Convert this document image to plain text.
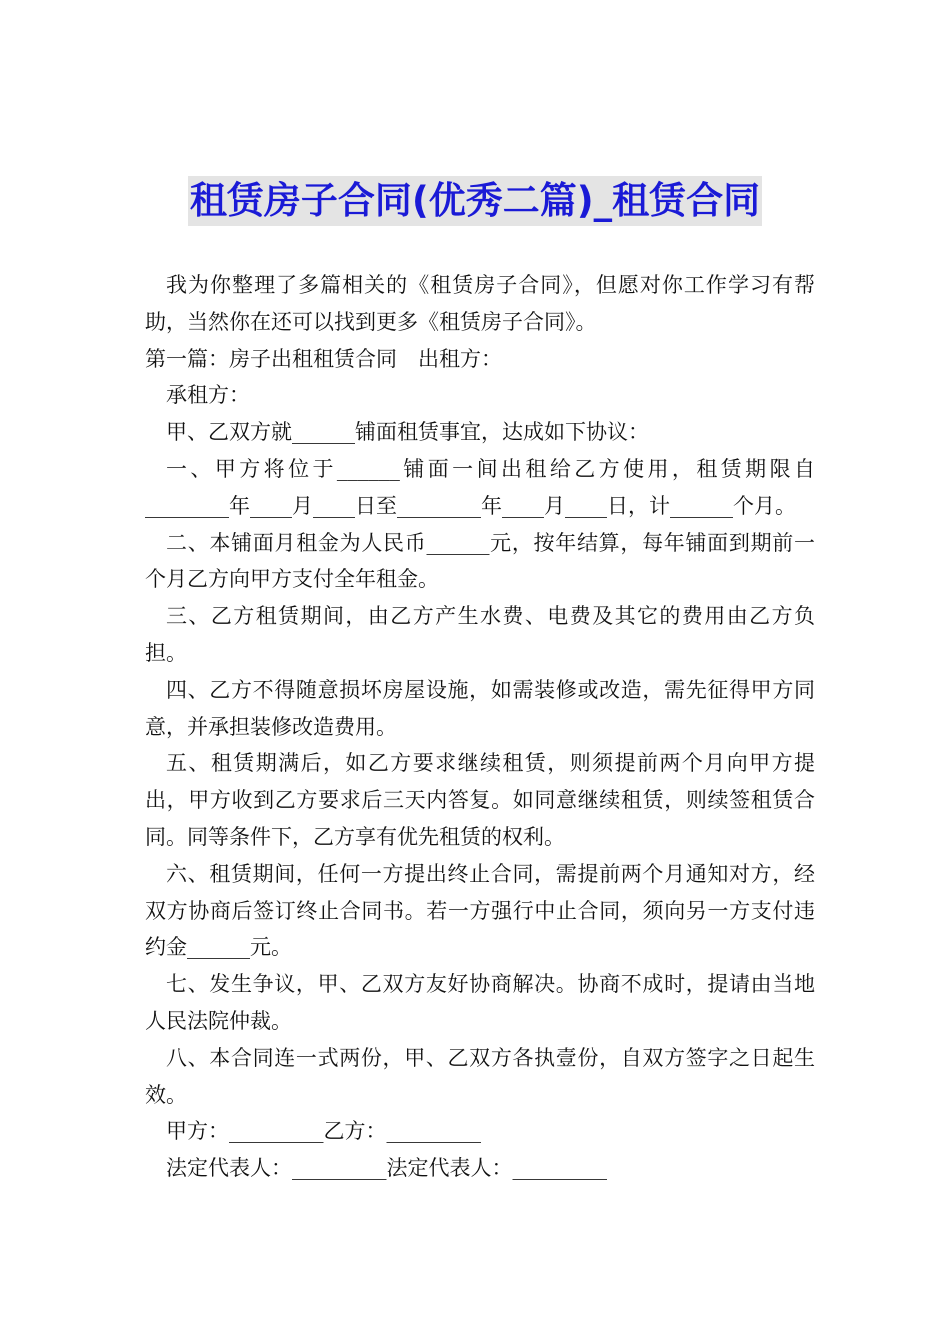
租赁房子合同(优秀二篇)_租赁合同

我为你整理了多篇相关的《租赁房子合同》，但愿对你工作学习有帮助，当然你在还可以找到更多《租赁房子合同》。

第一篇：房子出租租赁合同　出租方：

承租方：

甲、乙双方就______铺面租赁事宜，达成如下协议：

一、甲方将位于______铺面一间出租给乙方使用，租赁期限自________年____月____日至________年____月____日，计______个月。

二、本铺面月租金为人民币______元，按年结算，每年铺面到期前一个月乙方向甲方支付全年租金。

三、乙方租赁期间，由乙方产生水费、电费及其它的费用由乙方负担。

四、乙方不得随意损坏房屋设施，如需装修或改造，需先征得甲方同意，并承担装修改造费用。

五、租赁期满后，如乙方要求继续租赁，则须提前两个月向甲方提出，甲方收到乙方要求后三天内答复。如同意继续租赁，则续签租赁合同。同等条件下，乙方享有优先租赁的权利。

六、租赁期间，任何一方提出终止合同，需提前两个月通知对方，经双方协商后签订终止合同书。若一方强行中止合同，须向另一方支付违约金______元。

七、发生争议，甲、乙双方友好协商解决。协商不成时，提请由当地人民法院仲裁。

八、本合同连一式两份，甲、乙双方各执壹份，自双方签字之日起生效。

甲方：_________乙方：_________

法定代表人：_________法定代表人：_________
